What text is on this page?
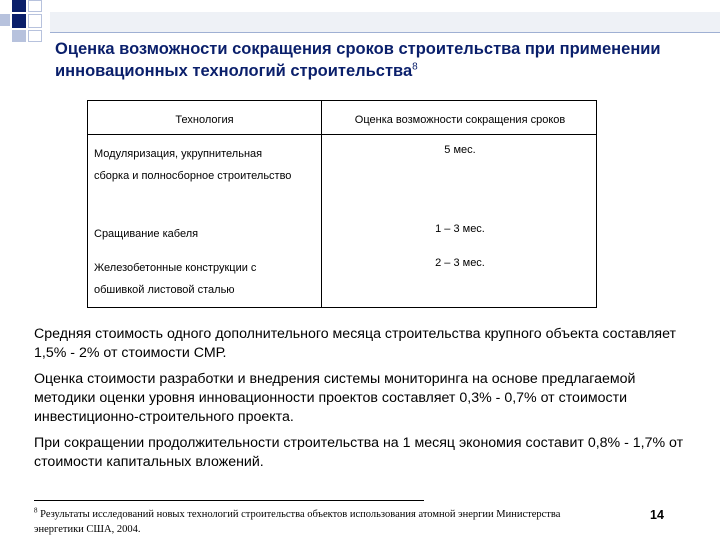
Оценка возможности сокращения сроков строительства при применении инновационных технологий строительства$^8$
Технология	Оценка возможности сокращения сроков
Модуляризация, укрупнительная
сборка и полносборное строительство
5 мес.
Сращивание кабеля	1 – 3 мес.
Железобетонные конструкции с
обшивкой листовой сталью
2 – 3 мес.
Средняя стоимость одного дополнительного месяца строительства крупного объекта составляет 1,5% - 2% от стоимости СМР.
Оценка стоимости разработки и внедрения системы мониторинга на основе предлагаемой методики оценки уровня инновационности проектов составляет 0,3% - 0,7% от стоимости инвестиционно-строительного проекта.
При сокращении продолжительности строительства на 1 месяц экономия составит 0,8% - 1,7% от стоимости капитальных вложений.
$^8$ Результаты исследований новых технологий строительства объектов использования атомной энергии Министерства энергетики США, 2004.
14
